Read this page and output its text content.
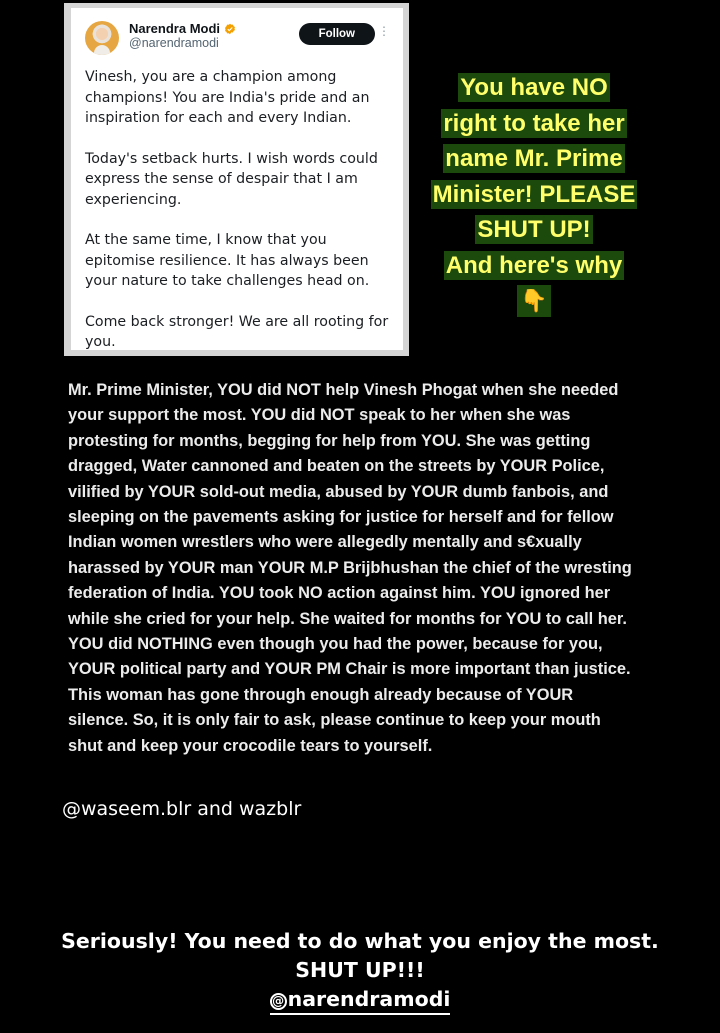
Narendra Modi
@narendramodi
Follow	⋮

Vinesh, you are a champion among champions! You are India's pride and an inspiration for each and every Indian.

Today's setback hurts. I wish words could express the sense of despair that I am experiencing.

At the same time, I know that you epitomise resilience. It has always been your nature to take challenges head on.

Come back stronger! We are all rooting for you.

You have NO
right to take her
name Mr. Prime
Minister! PLEASE
SHUT UP!
And here's why
👇
Mr. Prime Minister, YOU did NOT help Vinesh Phogat when she needed
your support the most. YOU did NOT speak to her when she was
protesting for months, begging for help from YOU. She was getting
dragged, Water cannoned and beaten on the streets by YOUR Police,
vilified by YOUR sold-out media, abused by YOUR dumb fanbois, and
sleeping on the pavements asking for justice for herself and for fellow
Indian women wrestlers who were allegedly mentally and s€xually
harassed by YOUR man YOUR M.P Brijbhushan the chief of the wresting
federation of India. YOU took NO action against him. YOU ignored her
while she cried for your help. She waited for months for YOU to call her.
YOU did NOTHING even though you had the power, because for you,
YOUR political party and YOUR PM Chair is more important than justice.
This woman has gone through enough already because of YOUR
silence. So, it is only fair to ask, please continue to keep your mouth
shut and keep your crocodile tears to yourself.
@waseem.blr and wazblr
Seriously! You need to do what you enjoy the most.
SHUT UP!!!
@ narendramodi
